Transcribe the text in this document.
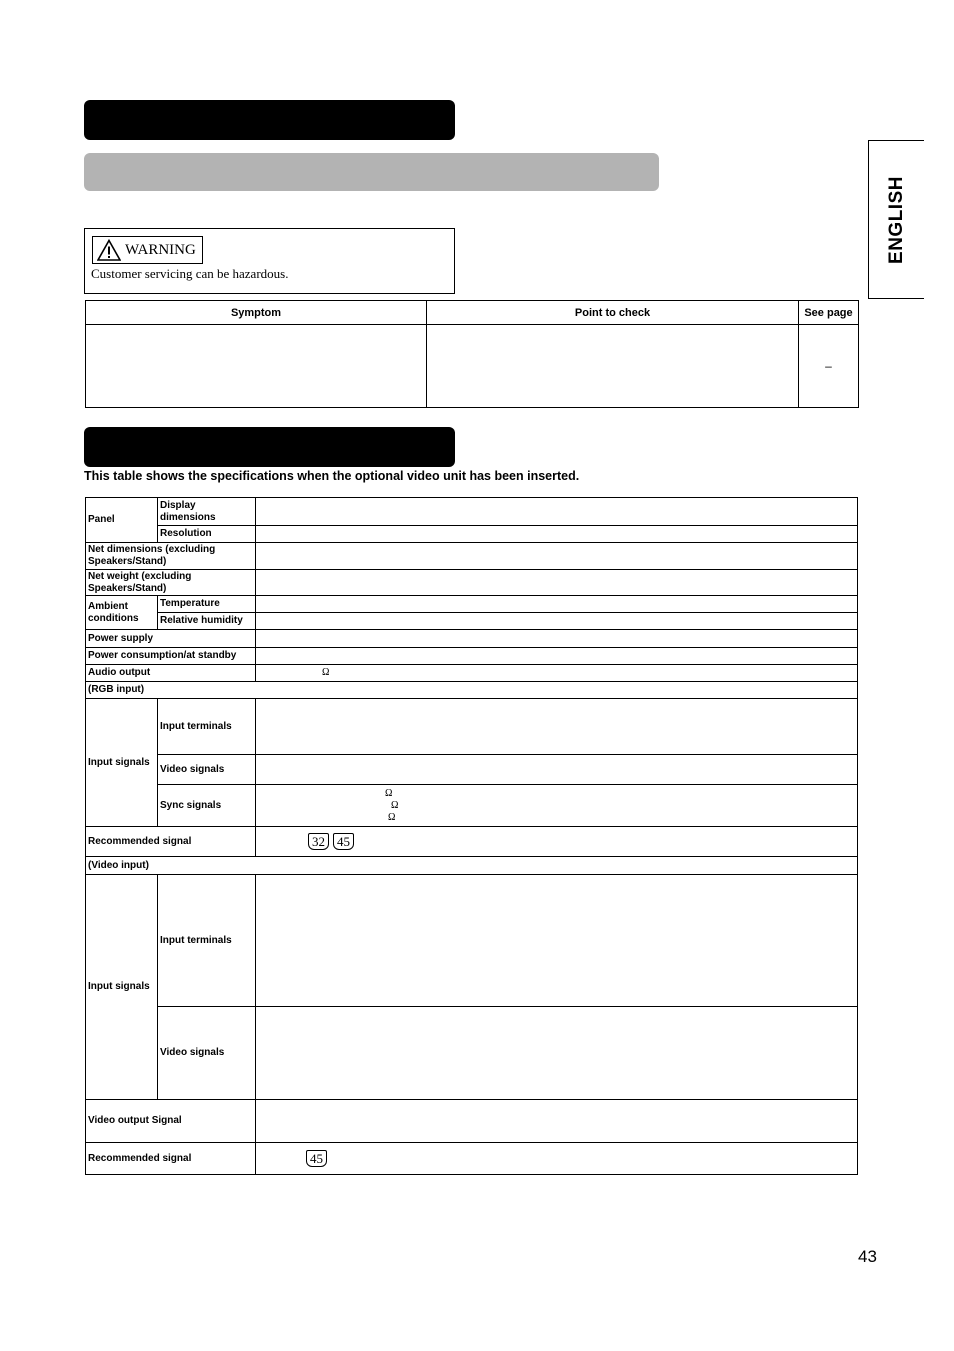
ENGLISH
WARNING
Customer servicing can be hazardous.
Symptom	Point to check	See page
		–
This table shows the specifications when the optional video unit has been inserted.
Panel	Display dimensions	
	Resolution	
Net dimensions (excluding Speakers/Stand)		
Net weight (excluding Speakers/Stand)		
Ambient conditions	Temperature	
	Relative humidity	
Power supply		
Power consumption/at standby		
Audio output		Ω
(RGB input)		
Input signals	Input terminals	
	Video signals	
	Sync signals	Ω
Ω
Ω

Recommended signal		32 45
(Video input)		
Input signals	Input terminals	
	Video signals	
Video output Signal		
Recommended signal		45
43
